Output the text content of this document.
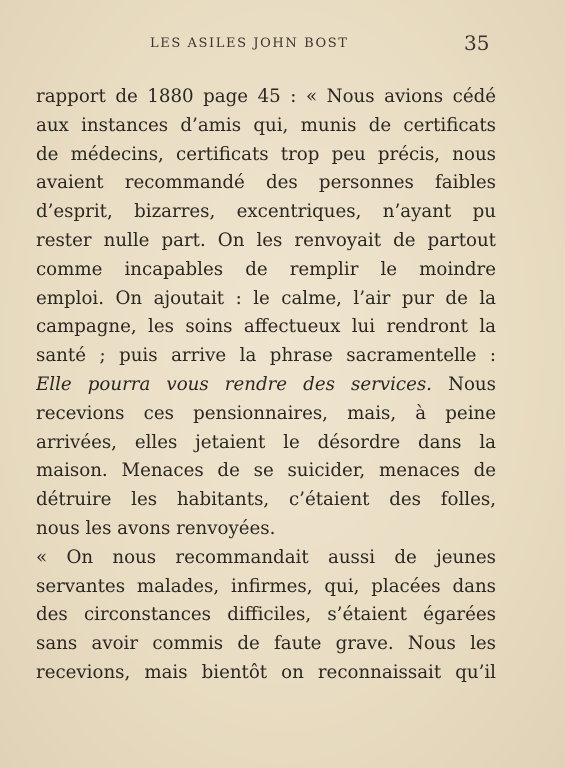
LES ASILES JOHN BOST	35
rapport de 1880 page 45 : « Nous avions cédé
aux instances d’amis qui, munis de certificats
de médecins, certificats trop peu précis, nous
avaient recommandé des personnes faibles
d’esprit, bizarres, excentriques, n’ayant pu
rester nulle part. On les renvoyait de partout
comme incapables de remplir le moindre
emploi. On ajoutait : le calme, l’air pur de la
campagne, les soins affectueux lui rendront la
santé ; puis arrive la phrase sacramentelle :
Elle pourra vous rendre des services. Nous
recevions ces pensionnaires, mais, à peine
arrivées, elles jetaient le désordre dans la
maison. Menaces de se suicider, menaces de
détruire les habitants, c’étaient des folles,
nous les avons renvoyées.
« On nous recommandait aussi de jeunes
servantes malades, infirmes, qui, placées dans
des circonstances difficiles, s’étaient égarées
sans avoir commis de faute grave. Nous les
recevions, mais bientôt on reconnaissait qu’il
